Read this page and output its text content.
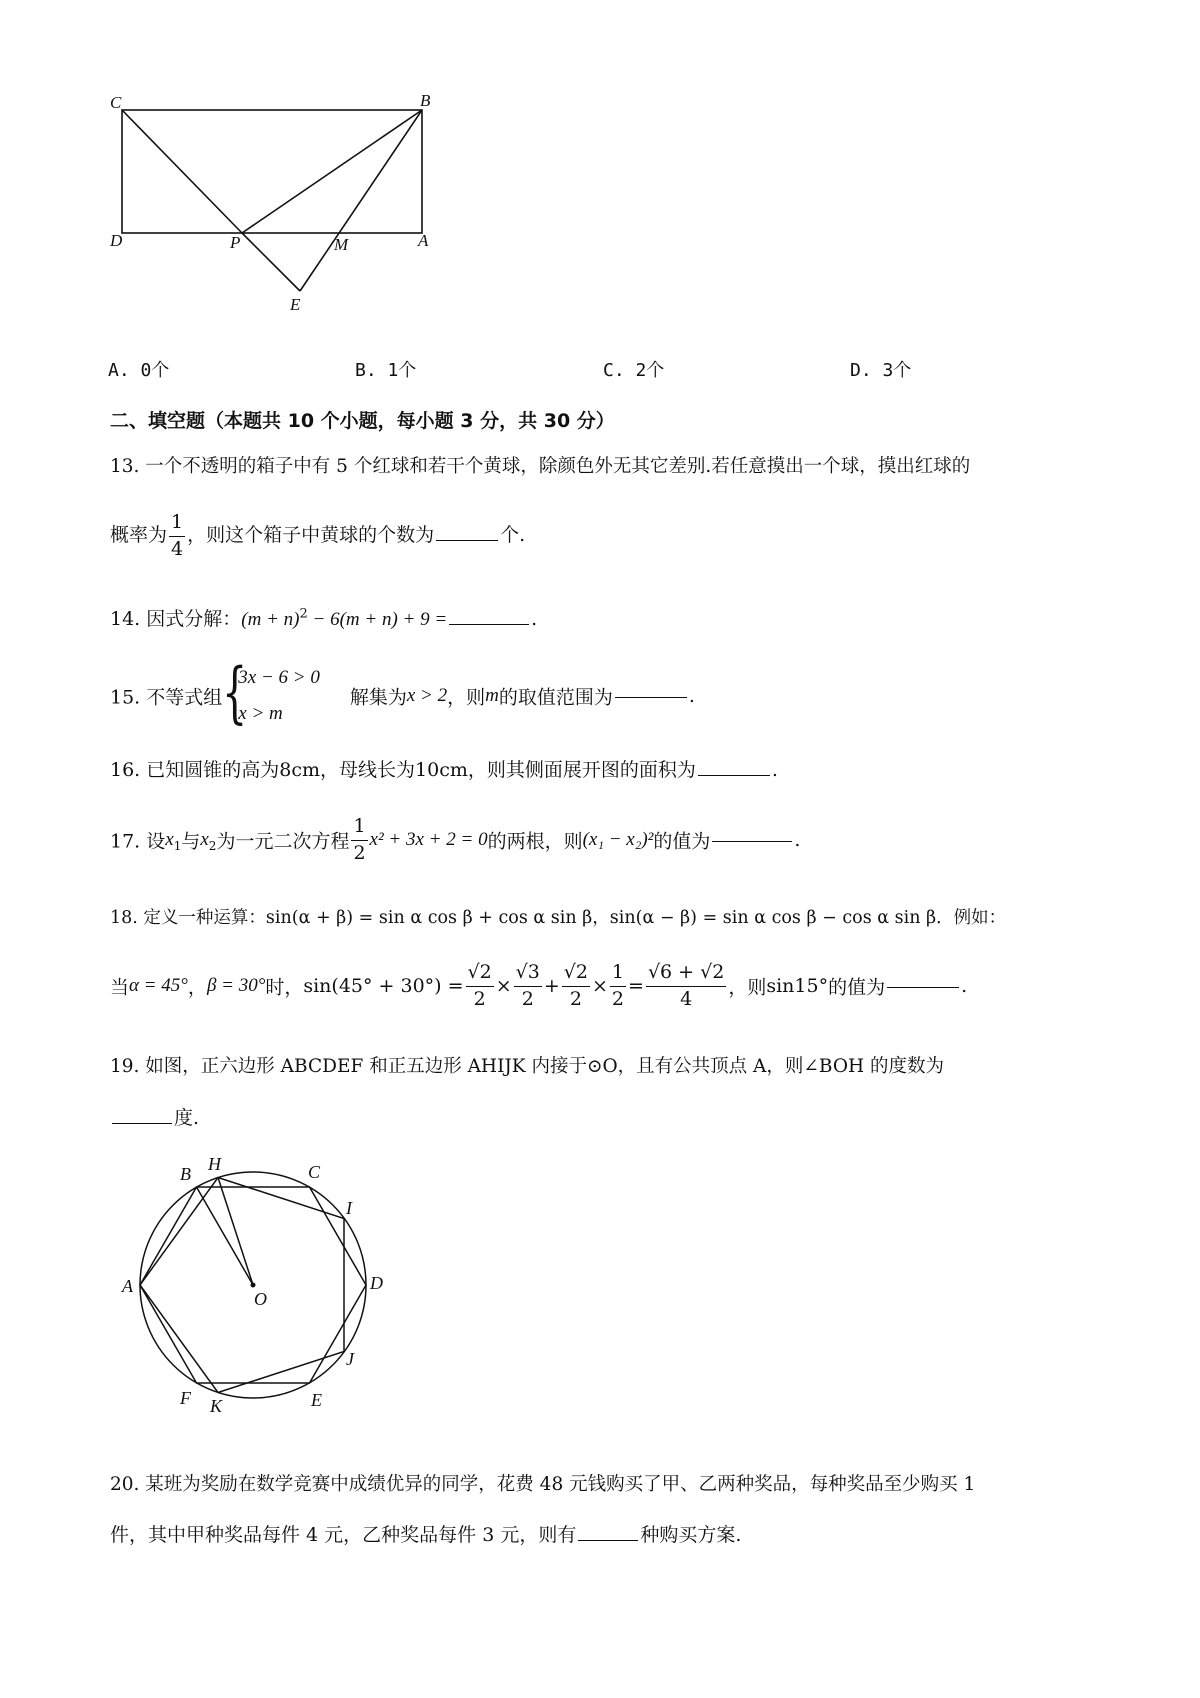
C	B
D	P	M	A
E
A. 0个	B. 1个	C. 2个	D. 3个
二、填空题（本题共 10 个小题，每小题 3 分，共 30 分）
13. 一个不透明的箱子中有 5 个红球和若干个黄球，除颜色外无其它差别.若任意摸出一个球，摸出红球的
概率为 $\frac{1}{4}$ ，则这个箱子中黄球的个数为	个.
14. 因式分解：$(m + n)^2 - 6(m + n) + 9$ =	.
15. 不等式组 {
3x − 6 > 0
x > m
解集为x > 2，则m的取值范围为	.
16. 已知圆锥的高为8cm，母线长为10cm，则其侧面展开图的面积为	.
17. 设$x_1$与$x_2$为一元二次方程 $\frac{1}{2} x^2 + 3x + 2 = 0$的两根，则(x₁ − x₂)²的值为	.
18. 定义一种运算：sin(α + β) = sin α cos β + cos α sin β，sin(α − β) = sin α cos β − cos α sin β．例如：
当α = 45°，β = 30°时，$\sin(45^\circ + 30^\circ) = \frac{√2}{2} \times \frac{√3}{2} + \frac{√2}{2} \times \frac{1}{2} = \frac{√6 + √2}{4}$ ，则sin15°的值为	.
19. 如图，正六边形 ABCDEF 和正五边形 AHIJK 内接于⊙O，且有公共顶点 A，则∠BOH 的度数为
度.
A
B H	C
I
D
O
J
E
K
F
20. 某班为奖励在数学竞赛中成绩优异的同学，花费 48 元钱购买了甲、乙两种奖品，每种奖品至少购买 1
件，其中甲种奖品每件 4 元，乙种奖品每件 3 元，则有	种购买方案.
